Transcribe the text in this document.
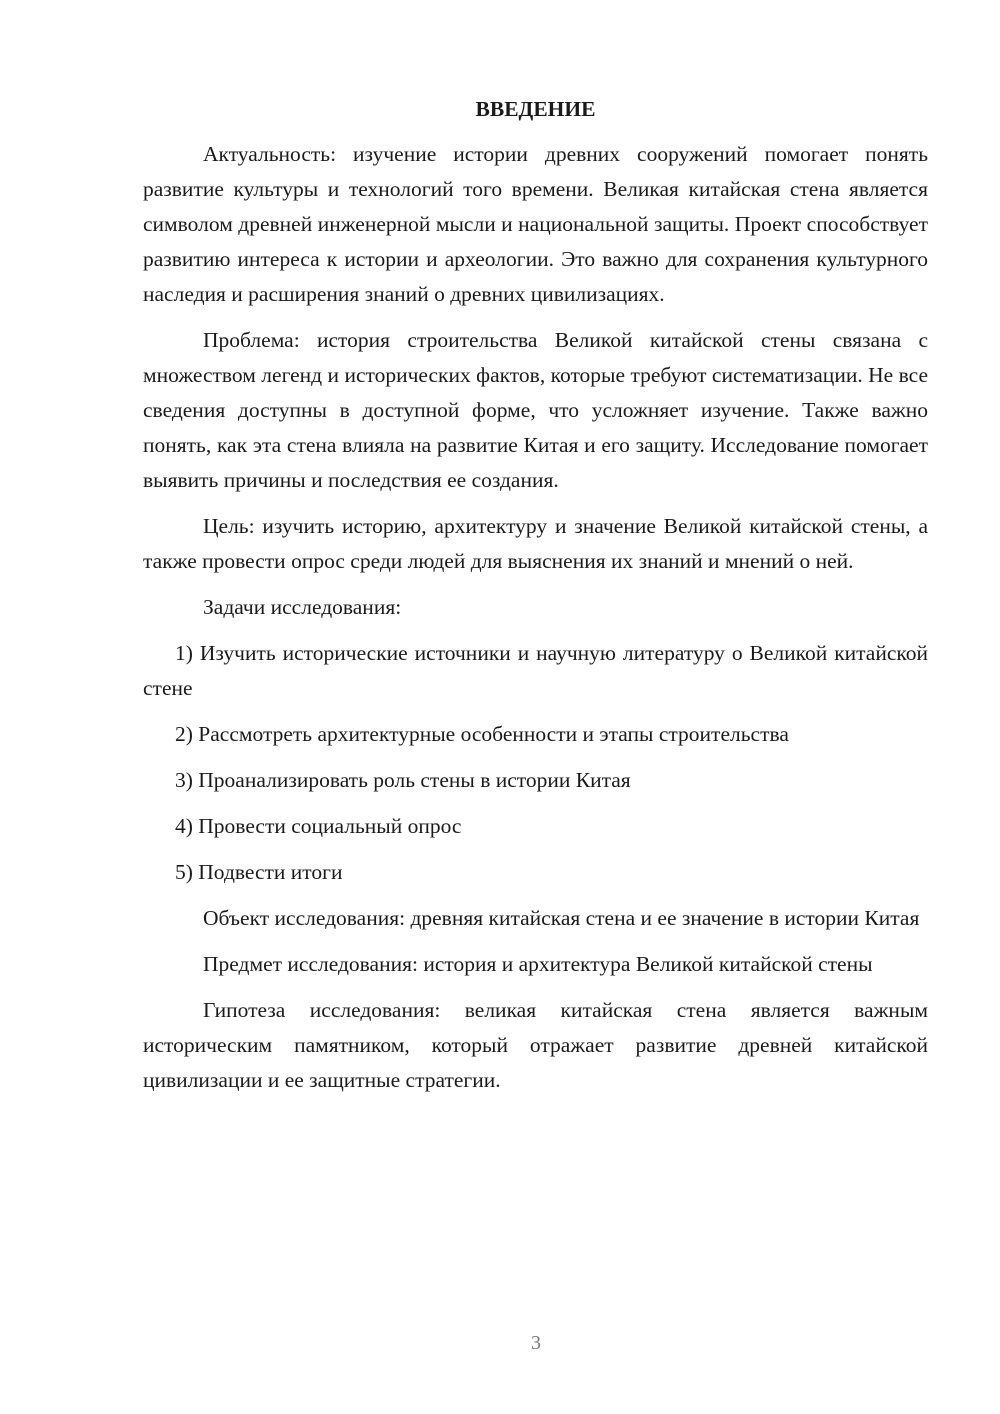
ВВЕДЕНИЕ

Актуальность: изучение истории древних сооружений помогает понять развитие культуры и технологий того времени. Великая китайская стена является символом древней инженерной мысли и национальной защиты. Проект способствует развитию интереса к истории и археологии. Это важно для сохранения культурного наследия и расширения знаний о древних цивилизациях.

Проблема: история строительства Великой китайской стены связана с множеством легенд и исторических фактов, которые требуют систематизации. Не все сведения доступны в доступной форме, что усложняет изучение. Также важно понять, как эта стена влияла на развитие Китая и его защиту. Исследование помогает выявить причины и последствия ее создания.

Цель: изучить историю, архитектуру и значение Великой китайской стены, а также провести опрос среди людей для выяснения их знаний и мнений о ней.

Задачи исследования:

1) Изучить исторические источники и научную литературу о Великой китайской стене

2) Рассмотреть архитектурные особенности и этапы строительства

3) Проанализировать роль стены в истории Китая

4) Провести социальный опрос

5) Подвести итоги

Объект исследования: древняя китайская стена и ее значение в истории Китая

Предмет исследования: история и архитектура Великой китайской стены

Гипотеза исследования: великая китайская стена является важным историческим памятником, который отражает развитие древней китайской цивилизации и ее защитные стратегии.

3
